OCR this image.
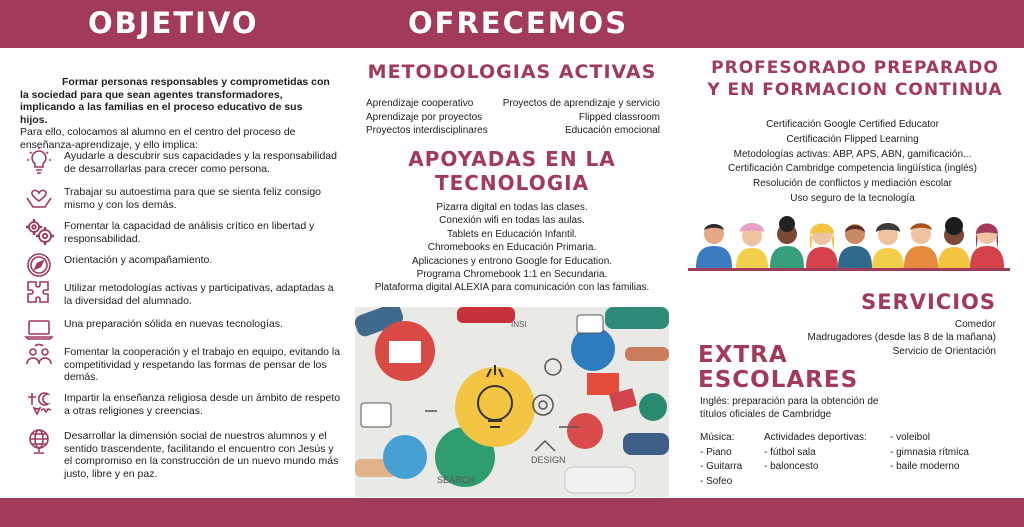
OBJETIVO	OFRECEMOS
Formar personas responsables y comprometidas con la sociedad para que sean agentes transformadores, implicando a las familias en el proceso educativo de sus hijos.
Para ello, colocamos al alumno en el centro del proceso de enseñanza-aprendizaje, y ello implica:
Ayudarle a descubrir sus capacidades y la responsabilidad de desarrollarlas para crecer como persona.
Trabajar su autoestima para que se sienta feliz consigo mismo y con los demás.
Fomentar la capacidad de análisis crítico en libertad y responsabilidad.
Orientación y acompañamiento.
Utilizar metodologías activas y participativas, adaptadas a la diversidad del alumnado.
Una preparación sólida en nuevas tecnologías.
Fomentar la cooperación y el trabajo en equipo, evitando la competitividad y respetando las formas de pensar de los demás.
Impartir la enseñanza religiosa desde un ámbito de respeto a otras religiones y creencias.
Desarrollar la dimensión social de nuestros alumnos y el sentido trascendente, facilitando el encuentro con Jesús y el compromiso en la construcción de un nuevo mundo más justo, libre y en paz.
METODOLOGIAS ACTIVAS
Aprendizaje cooperativo
Aprendizaje por proyectos
Proyectos interdisciplinares
Proyectos de aprendizaje y servicio
Flipped classroom
Educación emocional
APOYADAS EN LA
TECNOLOGIA
Pizarra digital en todas las clases.
Conexión wifi en todas las aulas.
Tablets en Educación Infantil.
Chromebooks en Educación Primaria.
Aplicaciones y entrono Google for Education.
Programa Chromebook 1:1 en Secundaria.
Plataforma digital ALEXIA para comunicación con las familias.
DESIGN
SEARCH
INSI
PROFESORADO PREPARADO
Y EN FORMACION CONTINUA
Certificación Google Certified Educator
Certificación Flipped Learning
Metodologías activas: ABP, APS, ABN, gamificación...
Certificación Cambridge competencia lingüística (inglés)
Resolución de conflictos y mediación escolar
Uso seguro de la tecnología
SERVICIOS
Comedor
Madrugadores (desde las 8 de la mañana)
Servicio de Orientación
EXTRA
ESCOLARES
Inglés: preparación para la obtención de títulos oficiales de Cambridge
Música:
- Piano
- Guitarra
- Sofeo
Actividades deportivas:
- fútbol sala
- baloncesto
- voleibol
- gimnasia rítmica
- baile moderno
